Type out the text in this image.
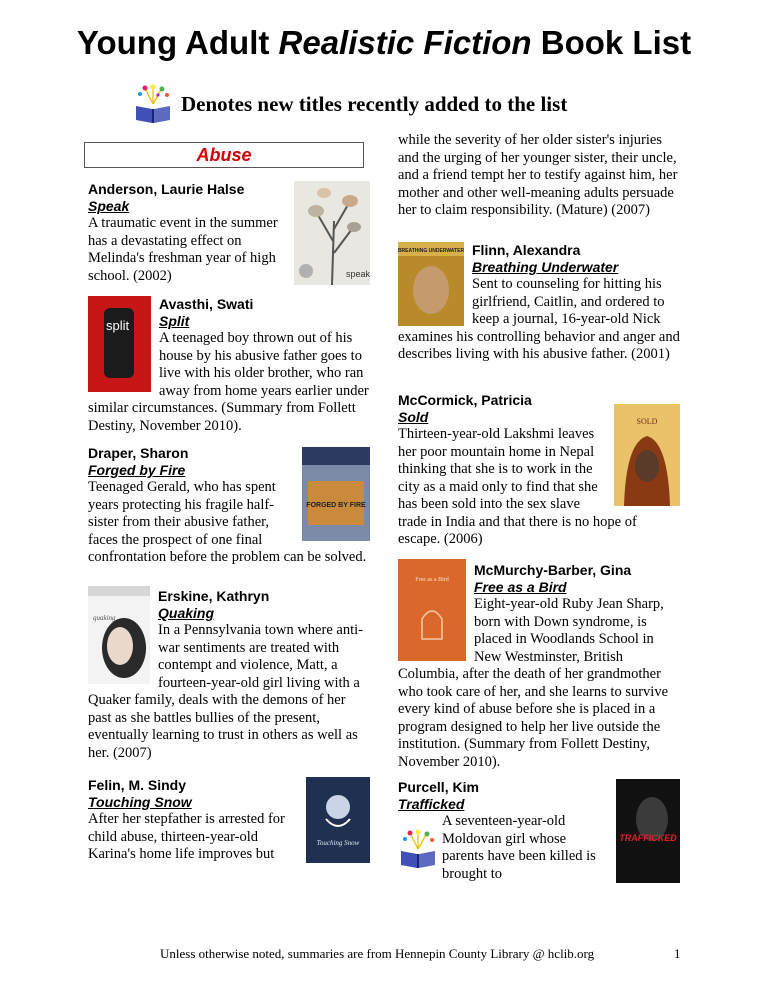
Young Adult Realistic Fiction Book List
Denotes new titles recently added to the list
Abuse
speak
Anderson, Laurie Halse
Speak

A traumatic event in the summer has a devastating effect on Melinda's freshman year of high school. (2002)

split
Avasthi, Swati
Split

A teenaged boy thrown out of his house by his abusive father goes to live with his older brother, who ran away from home years earlier under similar circumstances. (Summary from Follett Destiny, November 2010).

FORGED BY FIRE
Draper, Sharon
Forged by Fire

Teenaged Gerald, who has spent years protecting his fragile half-sister from their abusive father, faces the prospect of one final confrontation before the problem can be solved.

quaking
Erskine, Kathryn
Quaking

In a Pennsylvania town where anti-war sentiments are treated with contempt and violence, Matt, a fourteen-year-old girl living with a Quaker family, deals with the demons of her past as she battles bullies of the present, eventually learning to trust in others as well as her. (2007)

Touching Snow
Felin, M. Sindy
Touching Snow

After her stepfather is arrested for child abuse, thirteen-year-old Karina's home life improves but

while the severity of her older sister's injuries and the urging of her younger sister, their uncle, and a friend tempt her to testify against him, her mother and other well-meaning adults persuade her to claim responsibility. (Mature) (2007)

BREATHING UNDERWATER Flinn, Alexandra
Breathing Underwater

Sent to counseling for hitting his girlfriend, Caitlin, and ordered to keep a journal, 16-year-old Nick examines his controlling behavior and anger and describes living with his abusive father. (2001)

SOLD
McCormick, Patricia
Sold

Thirteen-year-old Lakshmi leaves her poor mountain home in Nepal thinking that she is to work in the city as a maid only to find that she has been sold into the sex slave trade in India and that there is no hope of escape. (2006)

Free as a Bird
McMurchy-Barber, Gina
Free as a Bird

Eight-year-old Ruby Jean Sharp, born with Down syndrome, is placed in Woodlands School in New Westminster, British Columbia, after the death of her grandmother who took care of her, and she learns to survive every kind of abuse before she is placed in a program designed to help her live outside the institution. (Summary from Follett Destiny, November 2010).

TRAFFICKED
Purcell, Kim
Trafficked

A seventeen-year-old Moldovan girl whose parents have been killed is brought to

Unless otherwise noted, summaries are from Hennepin County Library @ hclib.org	1
